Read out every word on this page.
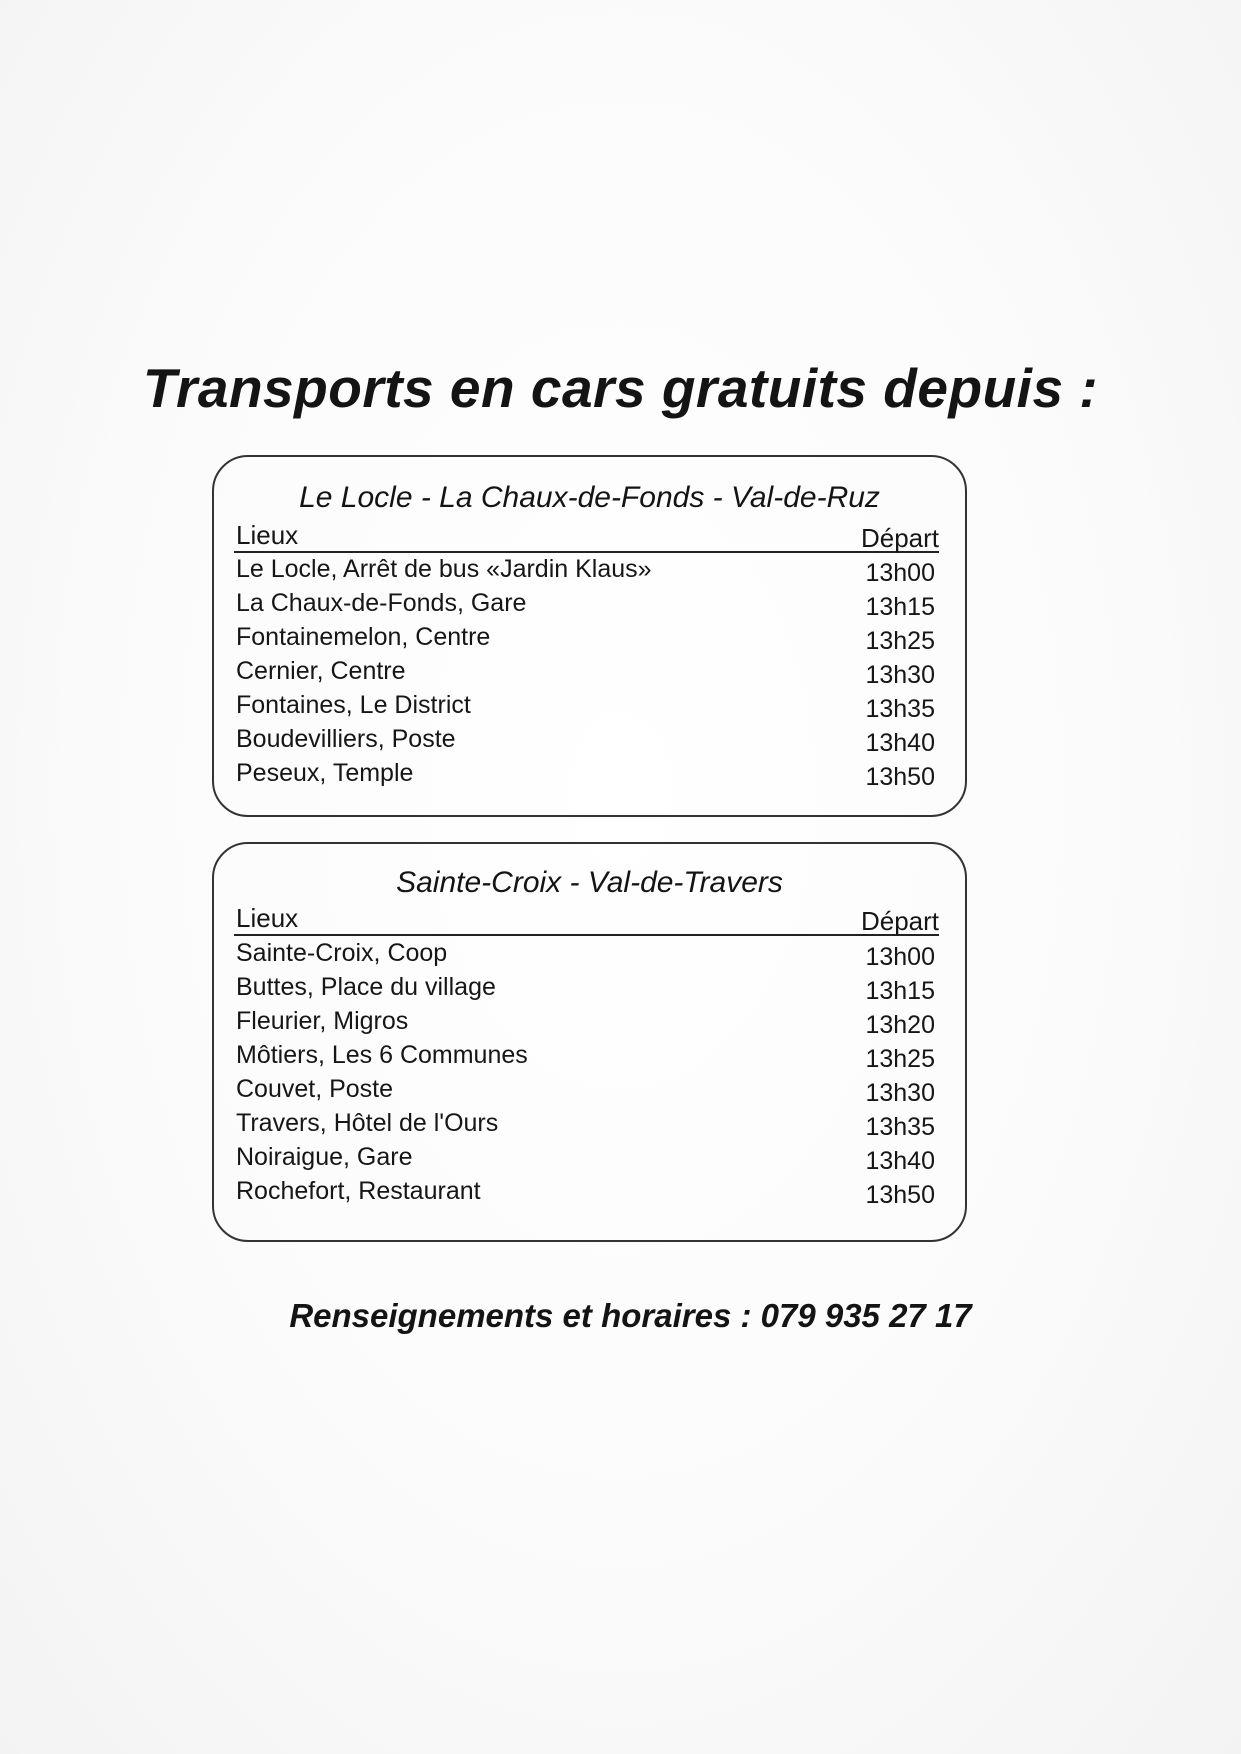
Transports en cars gratuits depuis :
Le Locle - La Chaux-de-Fonds - Val-de-Ruz
Lieux	Départ
Le Locle, Arrêt de bus «Jardin Klaus»	13h00
La Chaux-de-Fonds, Gare	13h15
Fontainemelon, Centre	13h25
Cernier, Centre	13h30
Fontaines, Le District	13h35
Boudevilliers, Poste	13h40
Peseux, Temple	13h50
Sainte-Croix - Val-de-Travers
Lieux	Départ
Sainte-Croix, Coop	13h00
Buttes, Place du village	13h15
Fleurier, Migros	13h20
Môtiers, Les 6 Communes	13h25
Couvet, Poste	13h30
Travers, Hôtel de l'Ours	13h35
Noiraigue, Gare	13h40
Rochefort, Restaurant	13h50
Renseignements et horaires : 079 935 27 17
